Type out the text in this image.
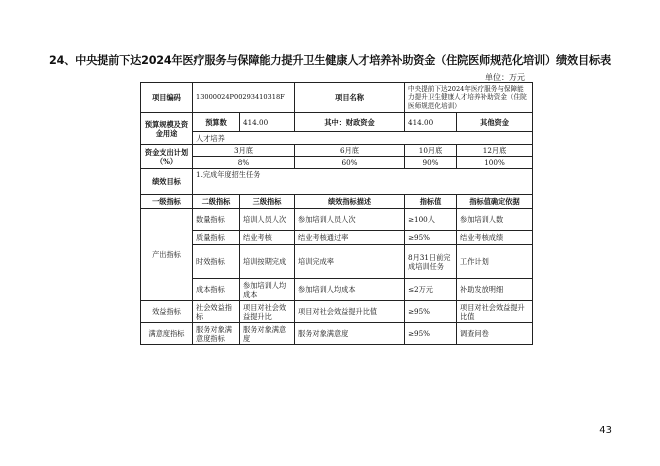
24、中央提前下达2024年医疗服务与保障能力提升卫生健康人才培养补助资金（住院医师规范化培训）绩效目标表
单位：万元
项目编码	13000024P00293410318F		项目名称	中央提前下达2024年医疗服务与保障能力提升卫生健康人才培养补助资金（住院医师规范化培训）	
预算规模及资金用途	预算数	414.00	其中：财政资金	414.00	其他资金
	人才培养				
资金支出计划（%）	3月底		6月底	10月底	12月底
	8%		60%	90%	100%
绩效目标	1.完成年度招生任务				
一级指标	二级指标	三级指标	绩效指标描述	指标值	指标值确定依据
产出指标	数量指标	培训人员人次	参加培训人员人次	≥100人	参加培训人数
	质量指标	结业考核	结业考核通过率	≥95%	结业考核成绩
	时效指标	培训按期完成	培训完成率	8月31日前完成培训任务	工作计划
	成本指标	参加培训人均成本	参加培训人均成本	≤2万元	补助发放明细
效益指标	社会效益指标	项目对社会效益提升比	项目对社会效益提升比值	≥95%	项目对社会效益提升比值
满意度指标	服务对象满意度指标	服务对象满意度	服务对象满意度	≥95%	调查问卷
43
